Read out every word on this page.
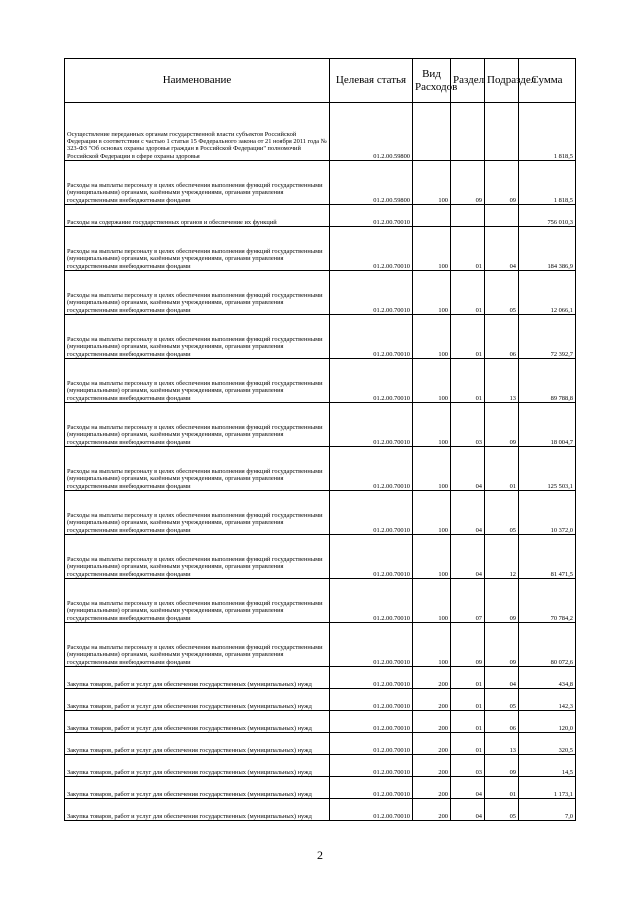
Наименование	Целевая статья	Вид Расходов	Раздел	Подраздел	Сумма
Осуществление переданных органам государственной власти субъектов Российской Федерации в соответствии с частью 1 статьи 15 Федерального закона от 21 ноября 2011 года № 323-ФЗ "Об основах охраны здоровья граждан в Российской Федерации" полномочий Российской Федерации в сфере охраны здоровья	01.2.00.59800				1 818,5
Расходы на выплаты персоналу в целях обеспечения выполнения функций государственными (муниципальными) органами, казёнными учреждениями, органами управления государственными внебюджетными фондами	01.2.00.59800	100	09	09	1 818,5
Расходы на содержание государственных органов и обеспечение их функций	01.2.00.70010				756 010,3
Расходы на выплаты персоналу в целях обеспечения выполнения функций государственными (муниципальными) органами, казёнными учреждениями, органами управления государственными внебюджетными фондами	01.2.00.70010	100	01	04	184 386,9
Расходы на выплаты персоналу в целях обеспечения выполнения функций государственными (муниципальными) органами, казёнными учреждениями, органами управления государственными внебюджетными фондами	01.2.00.70010	100	01	05	12 066,1
Расходы на выплаты персоналу в целях обеспечения выполнения функций государственными (муниципальными) органами, казёнными учреждениями, органами управления государственными внебюджетными фондами	01.2.00.70010	100	01	06	72 392,7
Расходы на выплаты персоналу в целях обеспечения выполнения функций государственными (муниципальными) органами, казёнными учреждениями, органами управления государственными внебюджетными фондами	01.2.00.70010	100	01	13	89 788,8
Расходы на выплаты персоналу в целях обеспечения выполнения функций государственными (муниципальными) органами, казёнными учреждениями, органами управления государственными внебюджетными фондами	01.2.00.70010	100	03	09	18 004,7
Расходы на выплаты персоналу в целях обеспечения выполнения функций государственными (муниципальными) органами, казёнными учреждениями, органами управления государственными внебюджетными фондами	01.2.00.70010	100	04	01	125 503,1
Расходы на выплаты персоналу в целях обеспечения выполнения функций государственными (муниципальными) органами, казёнными учреждениями, органами управления государственными внебюджетными фондами	01.2.00.70010	100	04	05	10 372,0
Расходы на выплаты персоналу в целях обеспечения выполнения функций государственными (муниципальными) органами, казёнными учреждениями, органами управления государственными внебюджетными фондами	01.2.00.70010	100	04	12	81 471,5
Расходы на выплаты персоналу в целях обеспечения выполнения функций государственными (муниципальными) органами, казёнными учреждениями, органами управления государственными внебюджетными фондами	01.2.00.70010	100	07	09	70 784,2
Расходы на выплаты персоналу в целях обеспечения выполнения функций государственными (муниципальными) органами, казёнными учреждениями, органами управления государственными внебюджетными фондами	01.2.00.70010	100	09	09	80 072,6
Закупка товаров, работ и услуг для обеспечения государственных (муниципальных) нужд	01.2.00.70010	200	01	04	434,8
Закупка товаров, работ и услуг для обеспечения государственных (муниципальных) нужд	01.2.00.70010	200	01	05	142,3
Закупка товаров, работ и услуг для обеспечения государственных (муниципальных) нужд	01.2.00.70010	200	01	06	120,0
Закупка товаров, работ и услуг для обеспечения государственных (муниципальных) нужд	01.2.00.70010	200	01	13	320,5
Закупка товаров, работ и услуг для обеспечения государственных (муниципальных) нужд	01.2.00.70010	200	03	09	14,5
Закупка товаров, работ и услуг для обеспечения государственных (муниципальных) нужд	01.2.00.70010	200	04	01	1 173,1
Закупка товаров, работ и услуг для обеспечения государственных (муниципальных) нужд	01.2.00.70010	200	04	05	7,0
2
